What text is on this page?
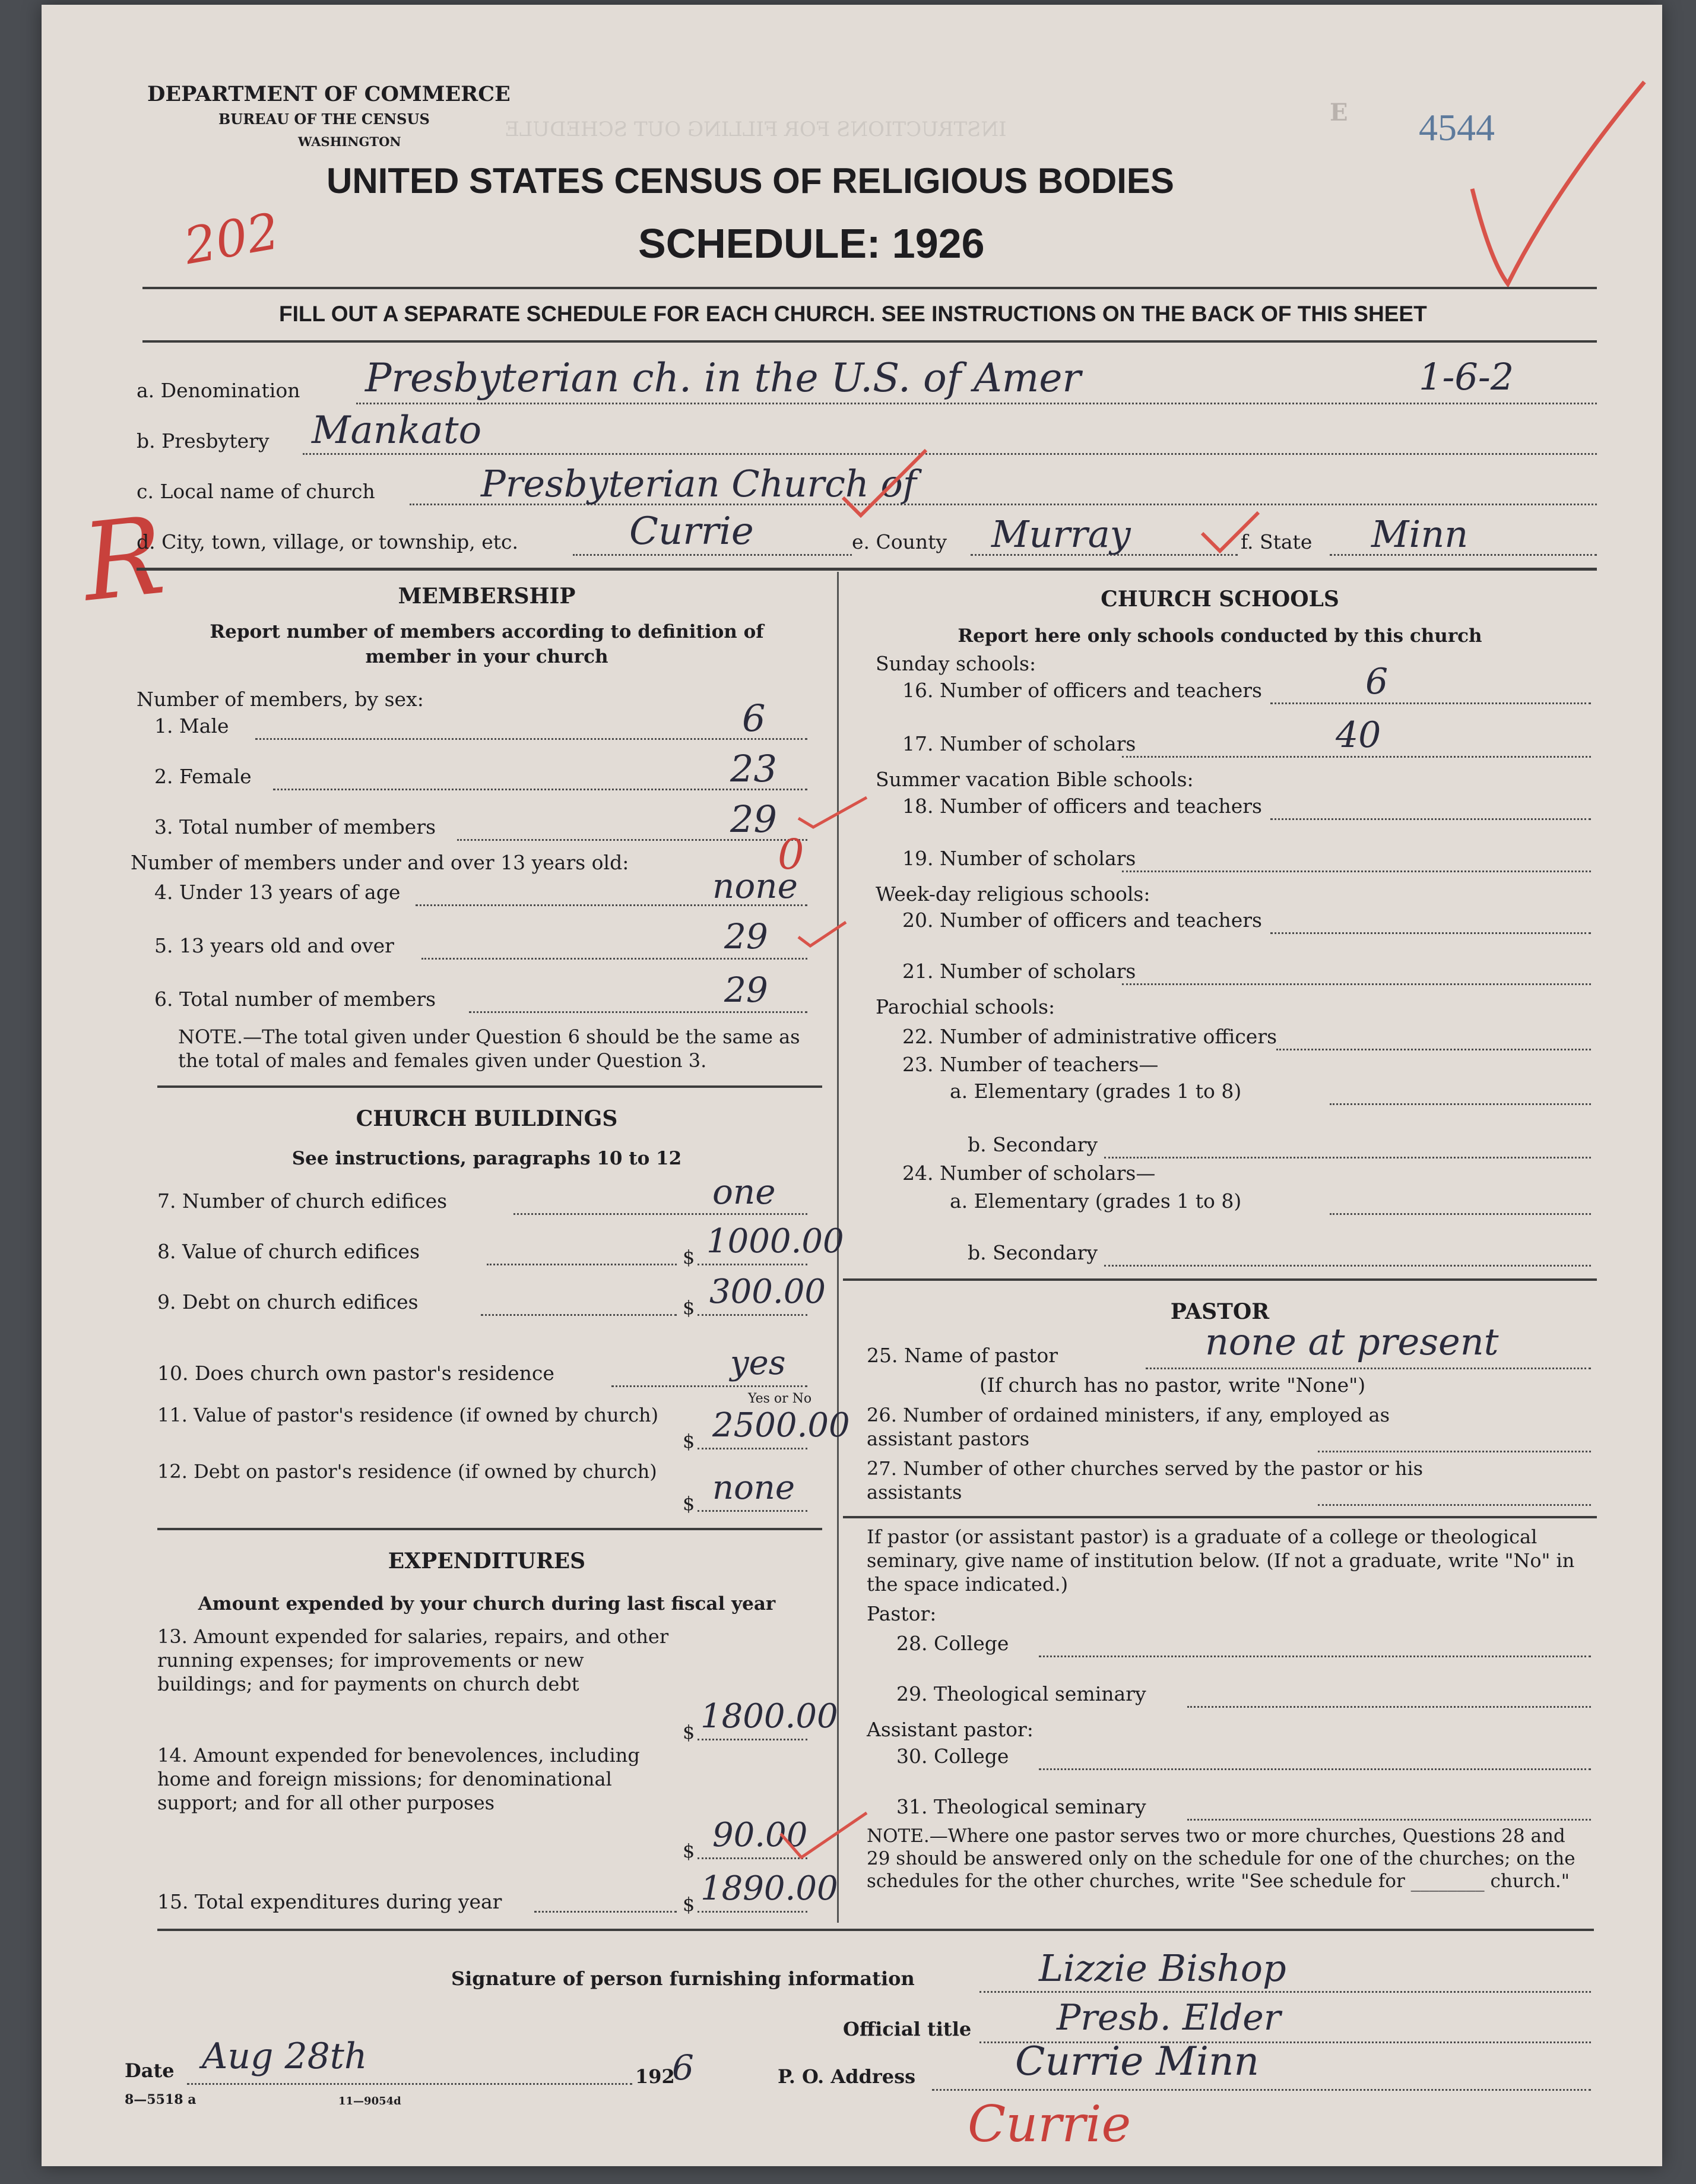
INSTRUCTIONS FOR FILLING OUT SCHEDULE
DEPARTMENT OF COMMERCE
BUREAU OF THE CENSUS
WASHINGTON
E 4544
UNITED STATES CENSUS OF RELIGIOUS BODIES
SCHEDULE: 1926
202
FILL OUT A SEPARATE SCHEDULE FOR EACH CHURCH. SEE INSTRUCTIONS ON THE BACK OF THIS SHEET
a. Denomination Presbyterian ch. in the U.S. of Amer	1-6-2
b. Presbytery Mankato
c. Local name of church	Presbyterian Church of
R
d. City, town, village, or township, etc.	Currie	e. County Murray	f. State Minn
MEMBERSHIP
Report number of members according to definition of member in your church
Number of members, by sex:
1. Male	6
2. Female	23
3. Total number of members	29
Number of members under and over 13 years old:	0
4. Under 13 years of age	none
5. 13 years old and over	29
6. Total number of members	29
NOTE.—The total given under Question 6 should be the same as the total of males and females given under Question 3.
CHURCH BUILDINGS
See instructions, paragraphs 10 to 12
7. Number of church edifices	one
8. Value of church edifices	$ 1000.00
9. Debt on church edifices	$ 300.00
10. Does church own pastor's residence	yes
Yes or No
11. Value of pastor's residence (if owned by church)
$ 2500.00
12. Debt on pastor's residence (if owned by church)
$ none
EXPENDITURES
Amount expended by your church during last fiscal year
13. Amount expended for salaries, repairs, and other running expenses; for improvements or new buildings; and for payments on church debt
$ 1800.00
14. Amount expended for benevolences, including home and foreign missions; for denominational support; and for all other purposes
$ 90.00
15. Total expenditures during year	$ 1890.00
CHURCH SCHOOLS
Report here only schools conducted by this church
Sunday schools:
16. Number of officers and teachers	6
17. Number of scholars	40
Summer vacation Bible schools:
18. Number of officers and teachers
19. Number of scholars
Week-day religious schools:
20. Number of officers and teachers
21. Number of scholars
Parochial schools:
22. Number of administrative officers
23. Number of teachers—
a. Elementary (grades 1 to 8)
b. Secondary
24. Number of scholars—
a. Elementary (grades 1 to 8)
b. Secondary
PASTOR
25. Name of pastor	none at present
(If church has no pastor, write "None")
26. Number of ordained ministers, if any, employed as assistant pastors
27. Number of other churches served by the pastor or his assistants
If pastor (or assistant pastor) is a graduate of a college or theological seminary, give name of institution below. (If not a graduate, write "No" in the space indicated.)
Pastor:
28. College
29. Theological seminary
Assistant pastor:
30. College
31. Theological seminary
NOTE.—Where one pastor serves two or more churches, Questions 28 and 29 should be answered only on the schedule for one of the churches; on the schedules for the other churches, write "See schedule for ________ church."
Signature of person furnishing information	Lizzie Bishop
Official title Presb. Elder
Date Aug 28th	192
6
8—5518 a	11—9054d
P. O. Address	Currie Minn
Currie
